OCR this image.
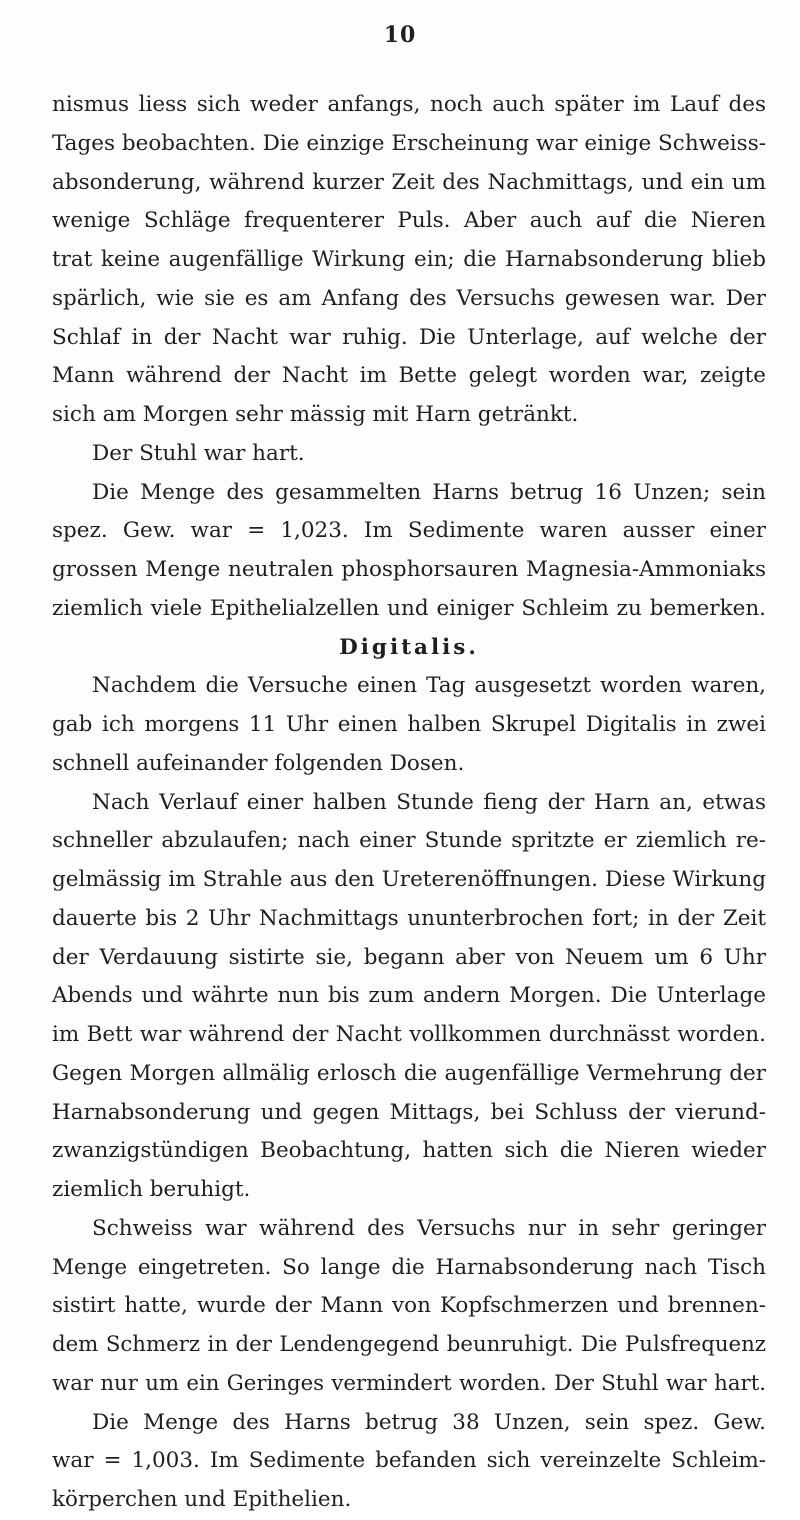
10
nismus liess sich weder anfangs, noch auch später im Lauf des
Tages beobachten. Die einzige Erscheinung war einige Schweiss-
absonderung, während kurzer Zeit des Nachmittags, und ein um
wenige Schläge frequenterer Puls. Aber auch auf die Nieren
trat keine augenfällige Wirkung ein; die Harnabsonderung blieb
spärlich, wie sie es am Anfang des Versuchs gewesen war. Der
Schlaf in der Nacht war ruhig. Die Unterlage, auf welche der
Mann während der Nacht im Bette gelegt worden war, zeigte
sich am Morgen sehr mässig mit Harn getränkt.
Der Stuhl war hart.
Die Menge des gesammelten Harns betrug 16 Unzen; sein
spez. Gew. war = 1,023. Im Sedimente waren ausser einer
grossen Menge neutralen phosphorsauren Magnesia-Ammoniaks
ziemlich viele Epithelialzellen und einiger Schleim zu bemerken.
Digitalis.
Nachdem die Versuche einen Tag ausgesetzt worden waren,
gab ich morgens 11 Uhr einen halben Skrupel Digitalis in zwei
schnell aufeinander folgenden Dosen.
Nach Verlauf einer halben Stunde fieng der Harn an, etwas
schneller abzulaufen; nach einer Stunde spritzte er ziemlich re-
gelmässig im Strahle aus den Ureterenöffnungen. Diese Wirkung
dauerte bis 2 Uhr Nachmittags ununterbrochen fort; in der Zeit
der Verdauung sistirte sie, begann aber von Neuem um 6 Uhr
Abends und währte nun bis zum andern Morgen. Die Unterlage
im Bett war während der Nacht vollkommen durchnässt worden.
Gegen Morgen allmälig erlosch die augenfällige Vermehrung der
Harnabsonderung und gegen Mittags, bei Schluss der vierund-
zwanzigstündigen Beobachtung, hatten sich die Nieren wieder
ziemlich beruhigt.
Schweiss war während des Versuchs nur in sehr geringer
Menge eingetreten. So lange die Harnabsonderung nach Tisch
sistirt hatte, wurde der Mann von Kopfschmerzen und brennen-
dem Schmerz in der Lendengegend beunruhigt. Die Pulsfrequenz
war nur um ein Geringes vermindert worden. Der Stuhl war hart.
Die Menge des Harns betrug 38 Unzen, sein spez. Gew.
war = 1,003. Im Sedimente befanden sich vereinzelte Schleim-
körperchen und Epithelien.
